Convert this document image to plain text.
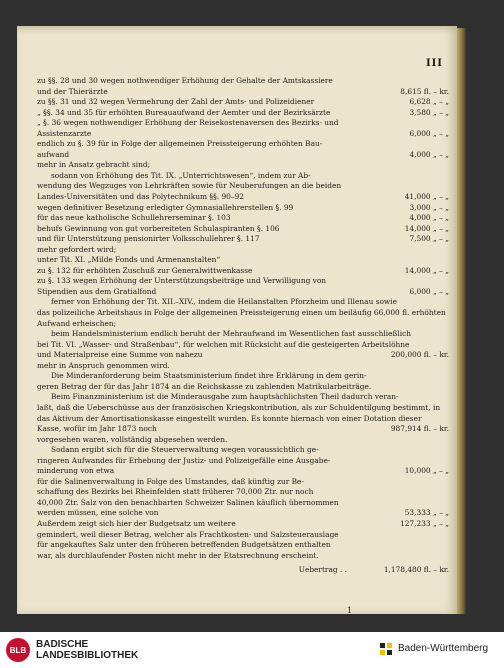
III
zu §§. 28 und 30 wegen nothwendiger Erhöhung der Gehalte der Amtskassiere
und der Thierärzte	8,615 fl. – kr.
zu §§. 31 und 32 wegen Vermehrung der Zahl der Amts- und Polizeidiener	6,628 „ – „
„ §§. 34 und 35 für erhöhten Bureauaufwand der Aemter und der Bezirksärzte	3,580 „ – „
„ §. 36 wegen nothwendiger Erhöhung der Reisekostenaversen des Bezirks- und
Assistenzarzte	6,000 „ – „
endlich zu §. 39 für in Folge der allgemeinen Preissteigerung erhöhten Bau-
aufwand	4,000 „ – „
mehr in Ansatz gebracht sind;
sodann von Erhöhung des Tit. IX. „Unterrichtswesen“, indem zur Ab-
wendung des Wegzuges von Lehrkräften sowie für Neuberufungen an die beiden
Landes-Universitäten und das Polytechnikum §§. 90–92	41,000 „ – „
wegen definitiver Besetzung erledigter Gymnasiallehrerstellen §. 99	3,000 „ – „
für das neue katholische Schullehrerseminar §. 103	4,000 „ – „
behufs Gewinnung von gut vorbereiteten Schulaspiranten §. 106	14,000 „ – „
und für Unterstützung pensionirter Volksschullehrer §. 117	7,500 „ – „
mehr gefordert wird;
unter Tit. XI. „Milde Fonds und Armenanstalten“
zu §. 132 für erhöhten Zuschuß zur Generalwittwenkasse	14,000 „ – „
zu §. 133 wegen Erhöhung der Unterstützungsbeiträge und Verwilligung von
Stipendien aus dem Gratialfond	6,000 „ – „
ferner von Erhöhung der Tit. XII.–XIV., indem die Heilanstalten Pforzheim und Illenau sowie
das polizeiliche Arbeitshaus in Folge der allgemeinen Preissteigerung einen um beiläufig 66,000 fl. erhöhten
Aufwand erheischen;
beim Handelsministerium endlich beruht der Mehraufwand im Wesentlichen fast ausschließlich
bei Tit. VI. „Wasser- und Straßenbau“, für welchen mit Rücksicht auf die gesteigerten Arbeitslöhne
und Materialpreise eine Summe von nahezu	200,000 fl. – kr.
mehr in Anspruch genommen wird.
Die Minderanforderung beim Staatsministerium findet ihre Erklärung in dem gerin-
geren Betrag der für das Jahr 1874 an die Reichskasse zu zahlenden Matrikularbeiträge.
Beim Finanzministerium ist die Minderausgabe zum hauptsächlichsten Theil dadurch veran-
laßt, daß die Ueberschüsse aus der französischen Kriegskontribution, als zur Schuldentilgung bestimmt, in
das Aktivum der Amortisationskasse eingestellt wurden. Es konnte hiernach von einer Dotation dieser
Kasse, wofür im Jahr 1873 noch	987,914 fl. – kr.
vorgesehen waren, vollständig abgesehen werden.
Sodann ergibt sich für die Steuerverwaltung wegen voraussichtlich ge-
ringeren Aufwandes für Erhebung der Justiz- und Polizeigefälle eine Ausgabe-
minderung von etwa	10,000 „ – „
für die Salinenverwaltung in Folge des Umstandes, daß künftig zur Be-
schaffung des Bezirks bei Rheinfelden statt früherer 70,000 Ztr. nur noch
40,000 Ztr. Salz von den benachbarten Schweizer Salinen käuflich übernommen
werden müssen, eine solche von	53,333 „ – „
Außerdem zeigt sich hier der Budgetsatz um weitere	127,233 „ – „
gemindert, weil dieser Betrag, welcher als Frachtkosten- und Salzsteuerauslage
für angekauftes Salz unter den früheren betreffenden Budgetsätzen enthalten
war, als durchlaufender Posten nicht mehr in der Etatsrechnung erscheint.
Uebertrag . .	1,178,480 fl. – kr.
1
BLB BADISCHE
LANDESBIBLIOTHEK
Baden-Württemberg
